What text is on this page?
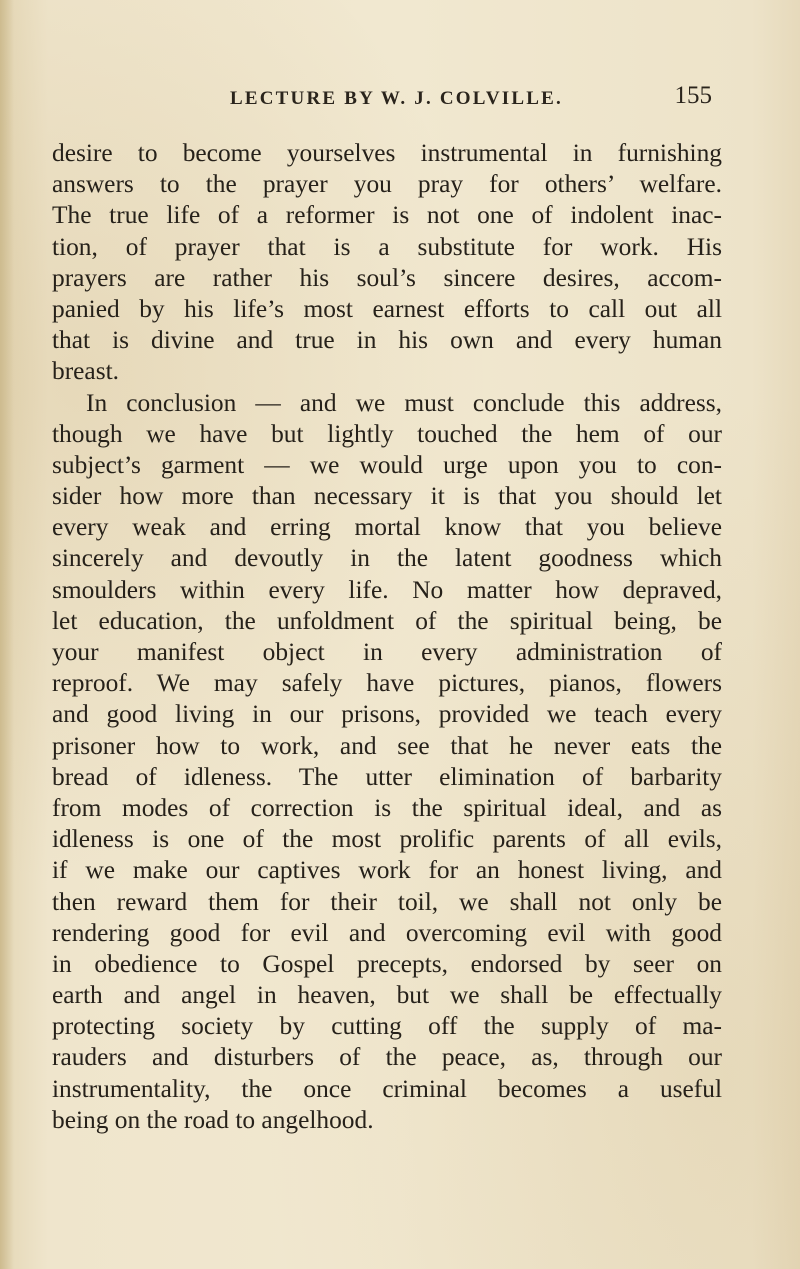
LECTURE BY W. J. COLVILLE.	155
desire to become yourselves instrumental in furnishing
answers to the prayer you pray for others’ welfare.
The true life of a reformer is not one of indolent inac-
tion, of prayer that is a substitute for work. His
prayers are rather his soul’s sincere desires, accom-
panied by his life’s most earnest efforts to call out all
that is divine and true in his own and every human
breast.
In conclusion — and we must conclude this address,
though we have but lightly touched the hem of our
subject’s garment — we would urge upon you to con-
sider how more than necessary it is that you should let
every weak and erring mortal know that you believe
sincerely and devoutly in the latent goodness which
smoulders within every life. No matter how depraved,
let education, the unfoldment of the spiritual being, be
your manifest object in every administration of
reproof. We may safely have pictures, pianos, flowers
and good living in our prisons, provided we teach every
prisoner how to work, and see that he never eats the
bread of idleness. The utter elimination of barbarity
from modes of correction is the spiritual ideal, and as
idleness is one of the most prolific parents of all evils,
if we make our captives work for an honest living, and
then reward them for their toil, we shall not only be
rendering good for evil and overcoming evil with good
in obedience to Gospel precepts, endorsed by seer on
earth and angel in heaven, but we shall be effectually
protecting society by cutting off the supply of ma-
rauders and disturbers of the peace, as, through our
instrumentality, the once criminal becomes a useful
being on the road to angelhood.
